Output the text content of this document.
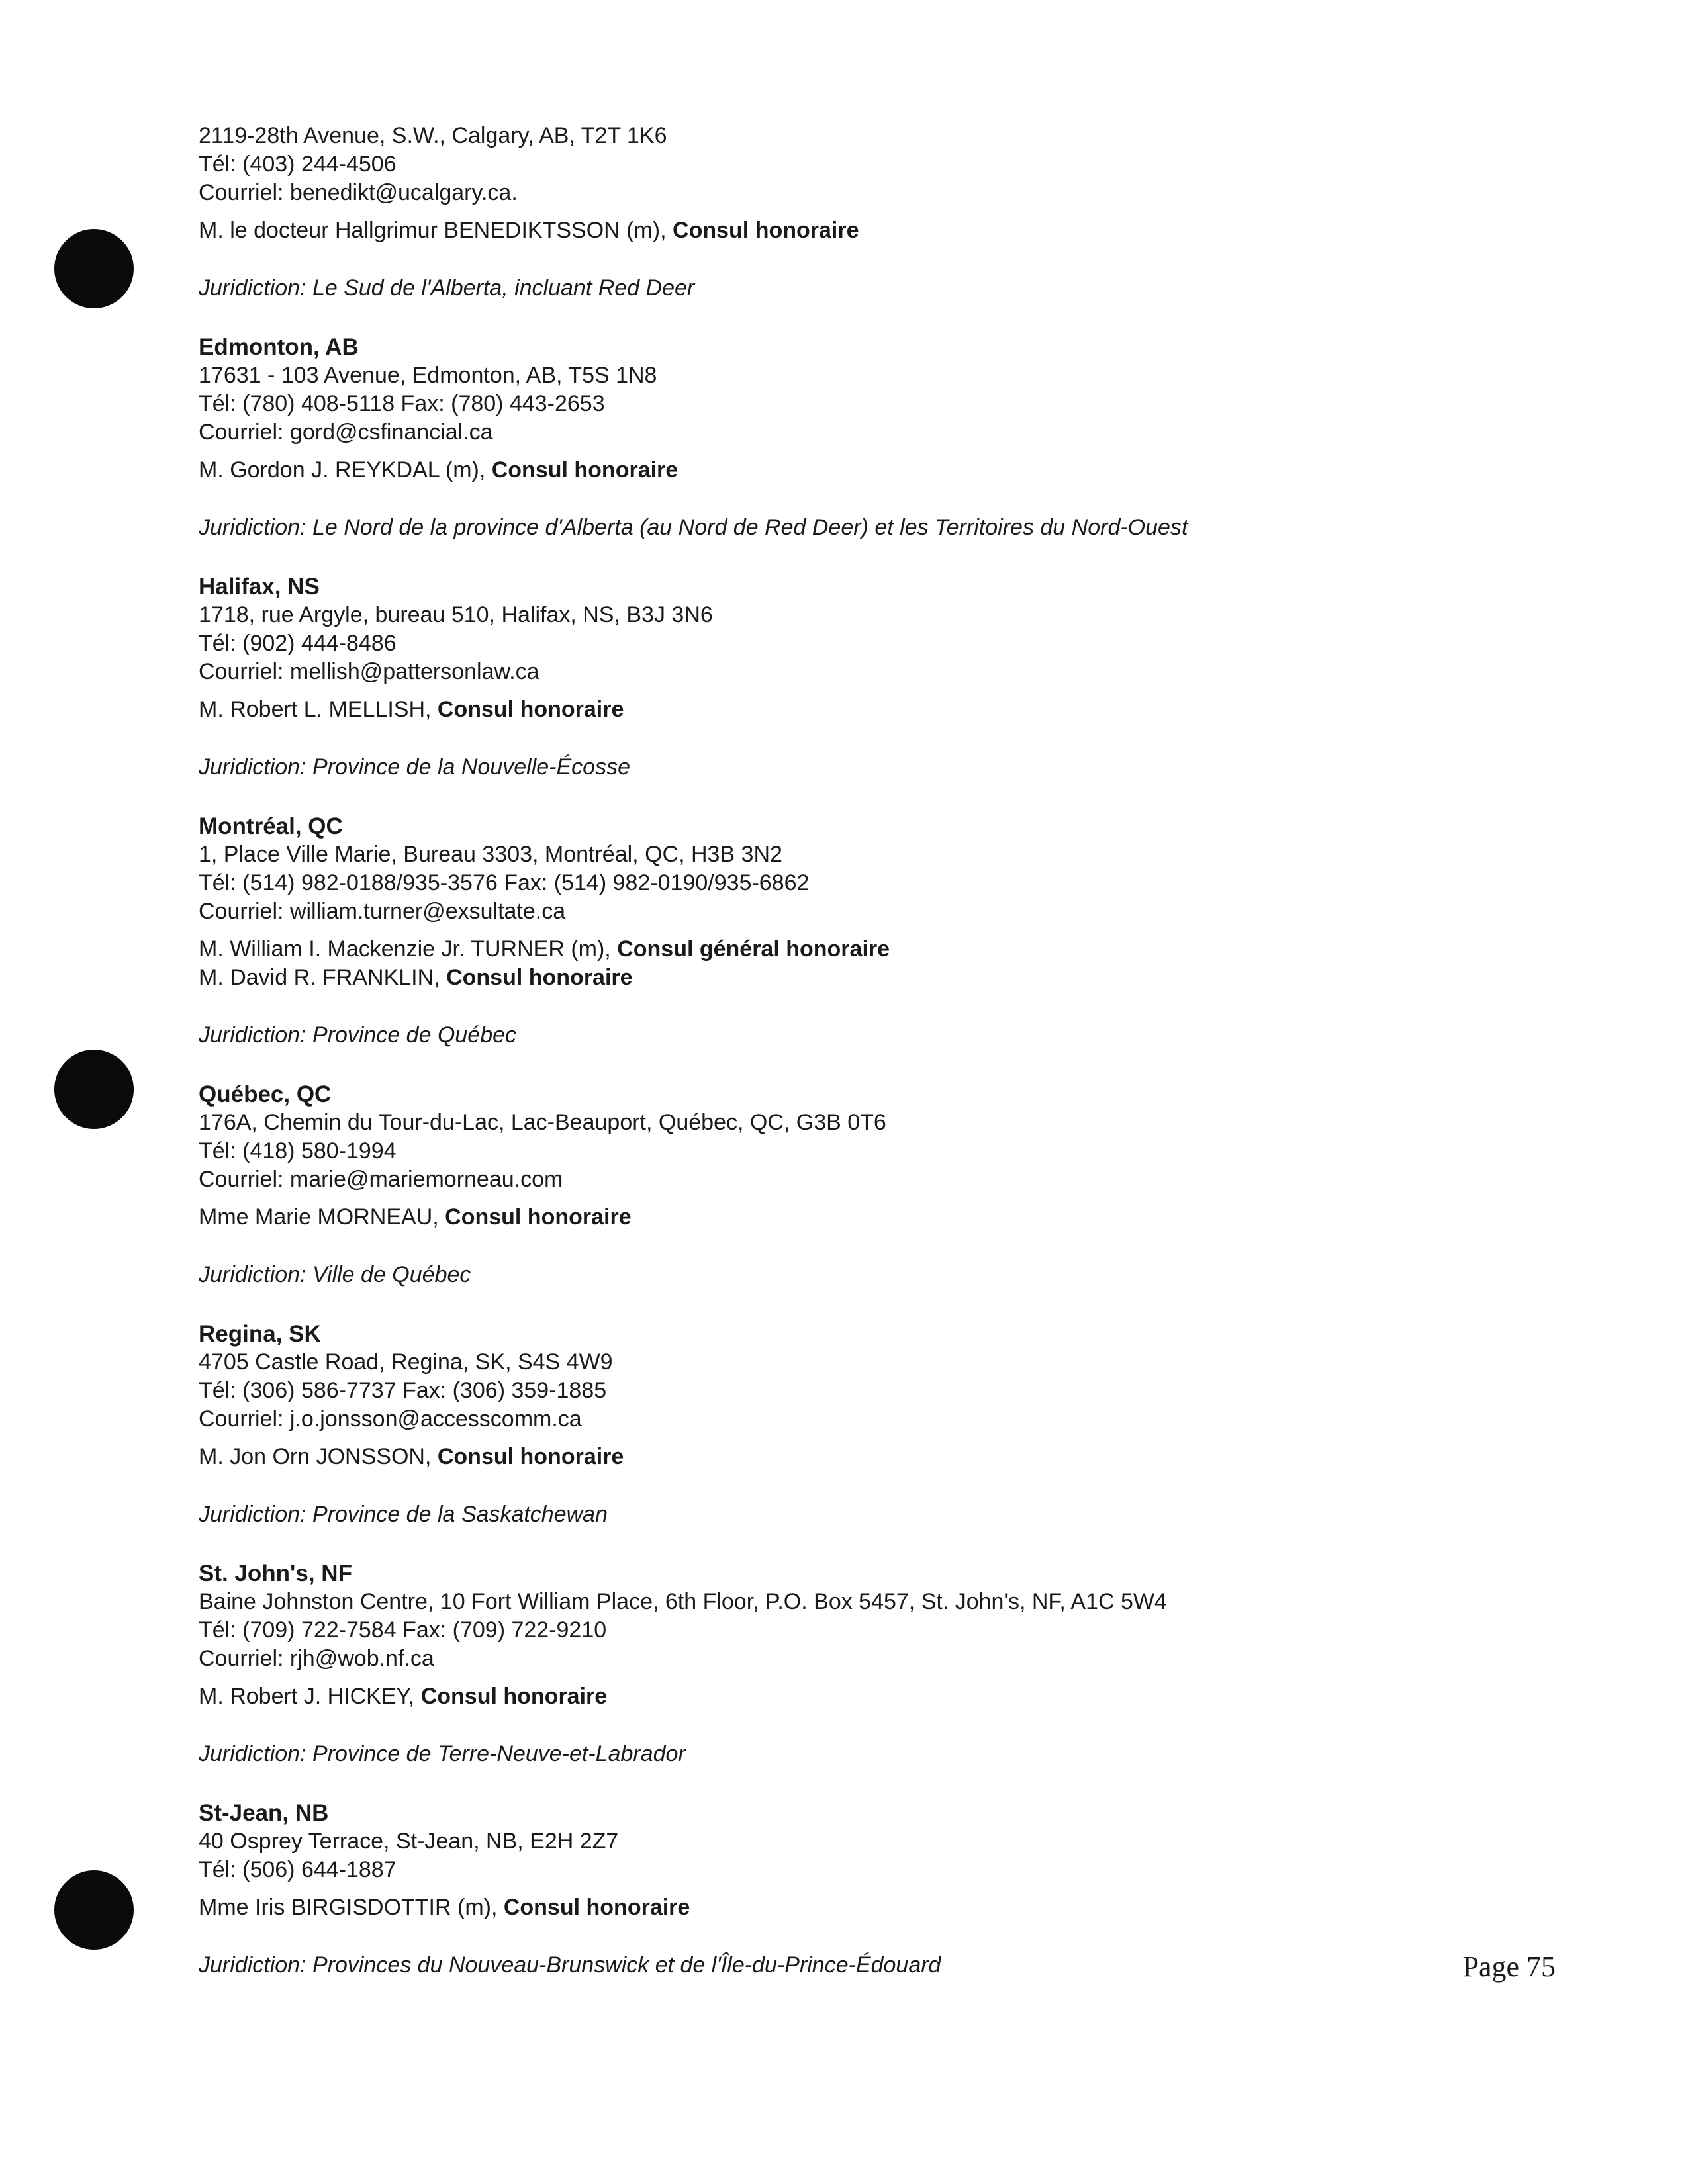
2119-28th Avenue, S.W., Calgary, AB, T2T 1K6
Tél: (403) 244-4506
Courriel: benedikt@ucalgary.ca.
M. le docteur Hallgrimur BENEDIKTSSON (m), Consul honoraire
Juridiction: Le Sud de l'Alberta, incluant Red Deer
Edmonton, AB
17631 - 103 Avenue, Edmonton, AB, T5S 1N8
Tél: (780) 408-5118 Fax: (780) 443-2653
Courriel: gord@csfinancial.ca
M. Gordon J. REYKDAL (m), Consul honoraire
Juridiction: Le Nord de la province d'Alberta (au Nord de Red Deer) et les Territoires du Nord-Ouest
Halifax, NS
1718, rue Argyle, bureau 510, Halifax, NS, B3J 3N6
Tél: (902) 444-8486
Courriel: mellish@pattersonlaw.ca
M. Robert L. MELLISH, Consul honoraire
Juridiction: Province de la Nouvelle-Écosse
Montréal, QC
1, Place Ville Marie, Bureau 3303, Montréal, QC, H3B 3N2
Tél: (514) 982-0188/935-3576 Fax: (514) 982-0190/935-6862
Courriel: william.turner@exsultate.ca
M. William I. Mackenzie Jr. TURNER (m), Consul général honoraire
M. David R. FRANKLIN, Consul honoraire
Juridiction: Province de Québec
Québec, QC
176A, Chemin du Tour-du-Lac, Lac-Beauport, Québec, QC, G3B 0T6
Tél: (418) 580-1994
Courriel: marie@mariemorneau.com
Mme Marie MORNEAU, Consul honoraire
Juridiction: Ville de Québec
Regina, SK
4705 Castle Road, Regina, SK, S4S 4W9
Tél: (306) 586-7737 Fax: (306) 359-1885
Courriel: j.o.jonsson@accesscomm.ca
M. Jon Orn JONSSON, Consul honoraire
Juridiction: Province de la Saskatchewan
St. John's, NF
Baine Johnston Centre, 10 Fort William Place, 6th Floor, P.O. Box 5457, St. John's, NF, A1C 5W4
Tél: (709) 722-7584 Fax: (709) 722-9210
Courriel: rjh@wob.nf.ca
M. Robert J. HICKEY, Consul honoraire
Juridiction: Province de Terre-Neuve-et-Labrador
St-Jean, NB
40 Osprey Terrace, St-Jean, NB, E2H 2Z7
Tél: (506) 644-1887
Mme Iris BIRGISDOTTIR (m), Consul honoraire
Juridiction: Provinces du Nouveau-Brunswick et de l'Île-du-Prince-Édouard	Page 75
